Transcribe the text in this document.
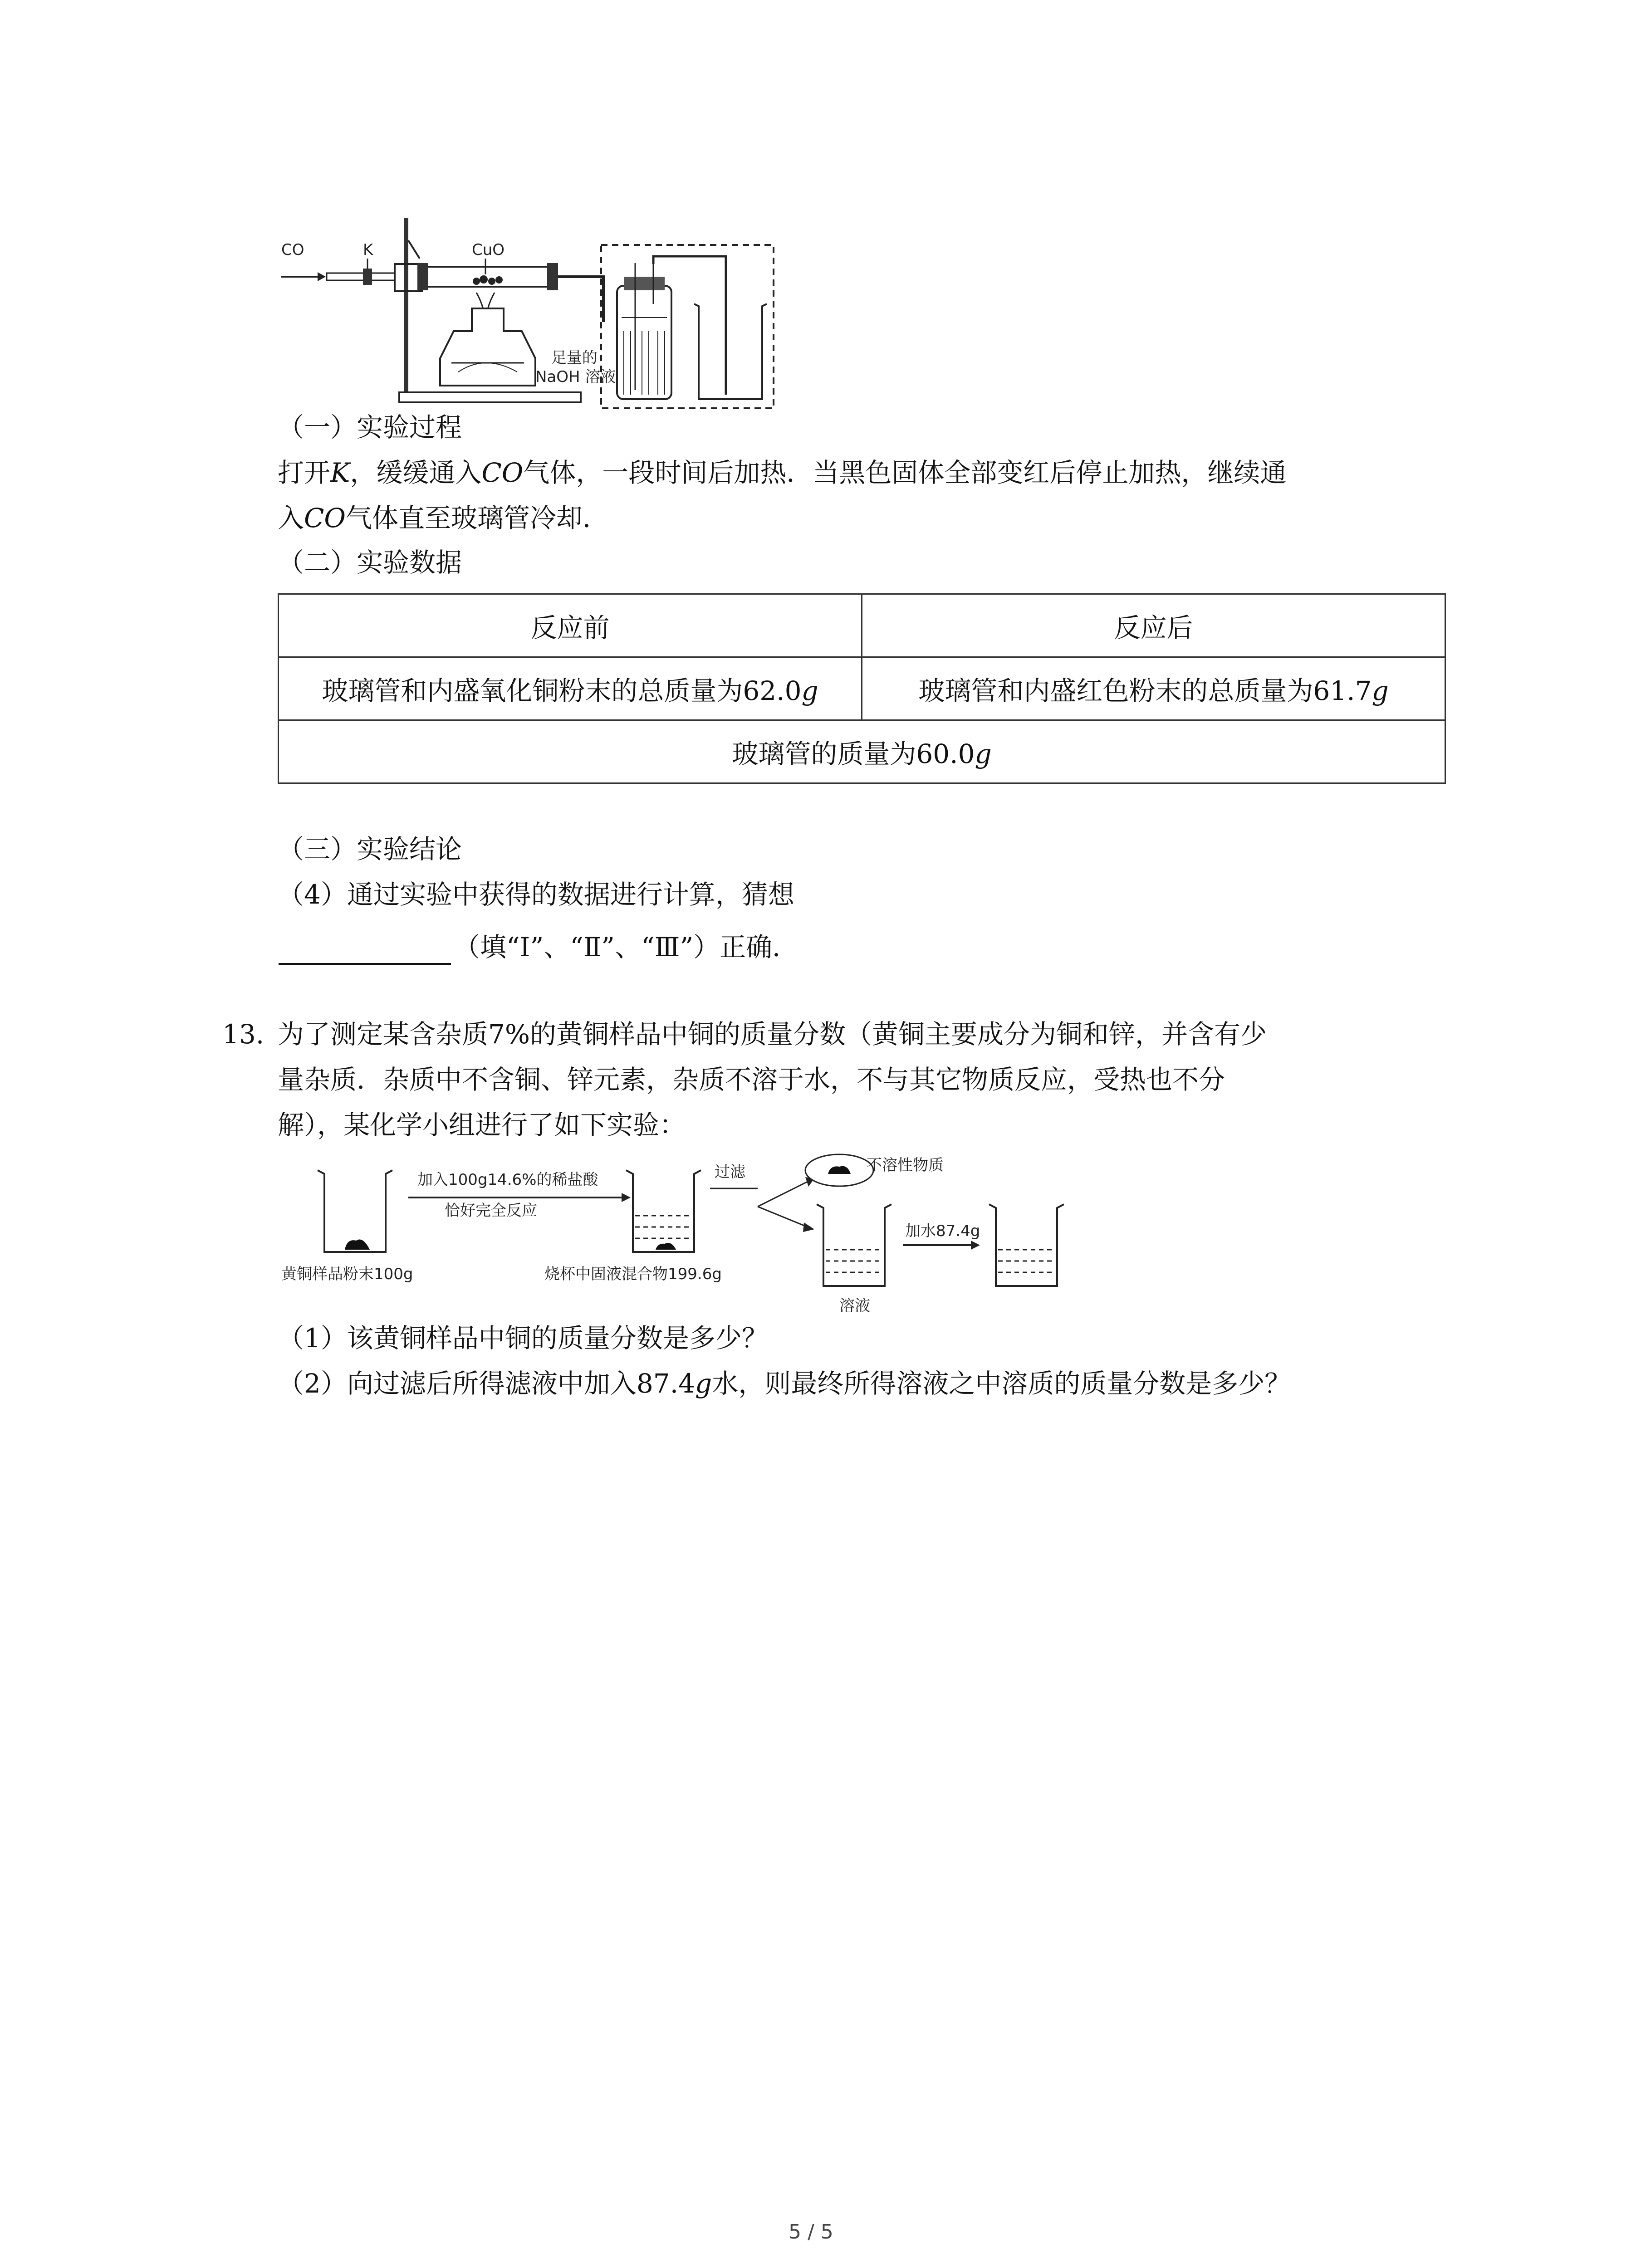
CO	K	CuO
足量的
NaOH 溶液
（一）实验过程
打开K，缓缓通入CO气体，一段时间后加热．当黑色固体全部变红后停止加热，继续通
入CO气体直至玻璃管冷却．
（二）实验数据
反应前	反应后
玻璃管和内盛氧化铜粉末的总质量为62.0g	玻璃管和内盛红色粉末的总质量为61.7g
玻璃管的质量为60.0g	
（三）实验结论
（4）通过实验中获得的数据进行计算，猜想
（填“Ⅰ”、“Ⅱ”、“Ⅲ”）正确．
13. 为了测定某含杂质7%的黄铜样品中铜的质量分数（黄铜主要成分为铜和锌，并含有少
量杂质．杂质中不含铜、锌元素，杂质不溶于水，不与其它物质反应，受热也不分
解），某化学小组进行了如下实验：
黄铜样品粉末100g
加入100g14.6%的稀盐酸
恰好完全反应
烧杯中固液混合物199.6g
过滤	不溶性物质
溶液
加水87.4g
（1）该黄铜样品中铜的质量分数是多少？
（2）向过滤后所得滤液中加入87.4g水，则最终所得溶液之中溶质的质量分数是多少？
5 / 5
